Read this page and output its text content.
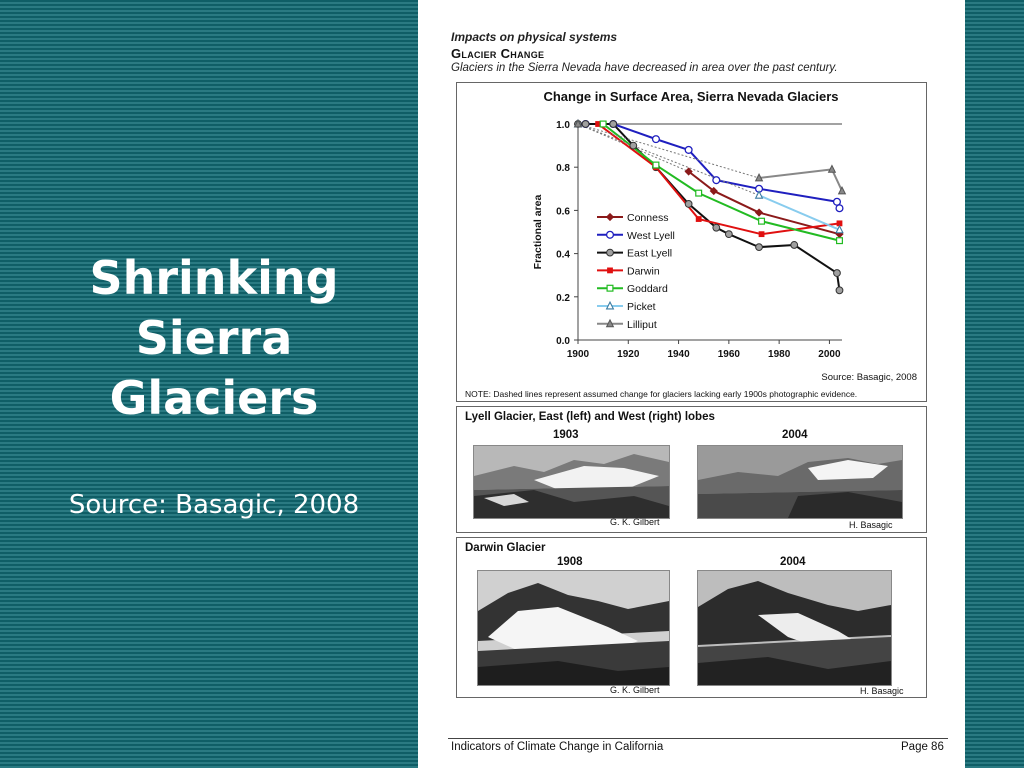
Shrinking
Sierra
Glaciers
Source: Basagic, 2008
Impacts on physical systems
Glacier Change
Glaciers in the Sierra Nevada have decreased in area over the past century.
Change in Surface Area, Sierra Nevada Glaciers
0.0
0.2
0.4
0.6
0.8
1.0
1900	1920	1940	1960	1980	2000
Fractional area	Conness
West Lyell
East Lyell
Darwin
Goddard
Picket
Lilliput
Source: Basagic, 2008
NOTE: Dashed lines represent assumed change for glaciers lacking early 1900s photographic evidence.
Lyell Glacier, East (left) and West (right) lobes
1903	2004
G. K. Gilbert	H. Basagic
Darwin Glacier
1908	2004
G. K. Gilbert	H. Basagic
Indicators of Climate Change in California	Page 86
